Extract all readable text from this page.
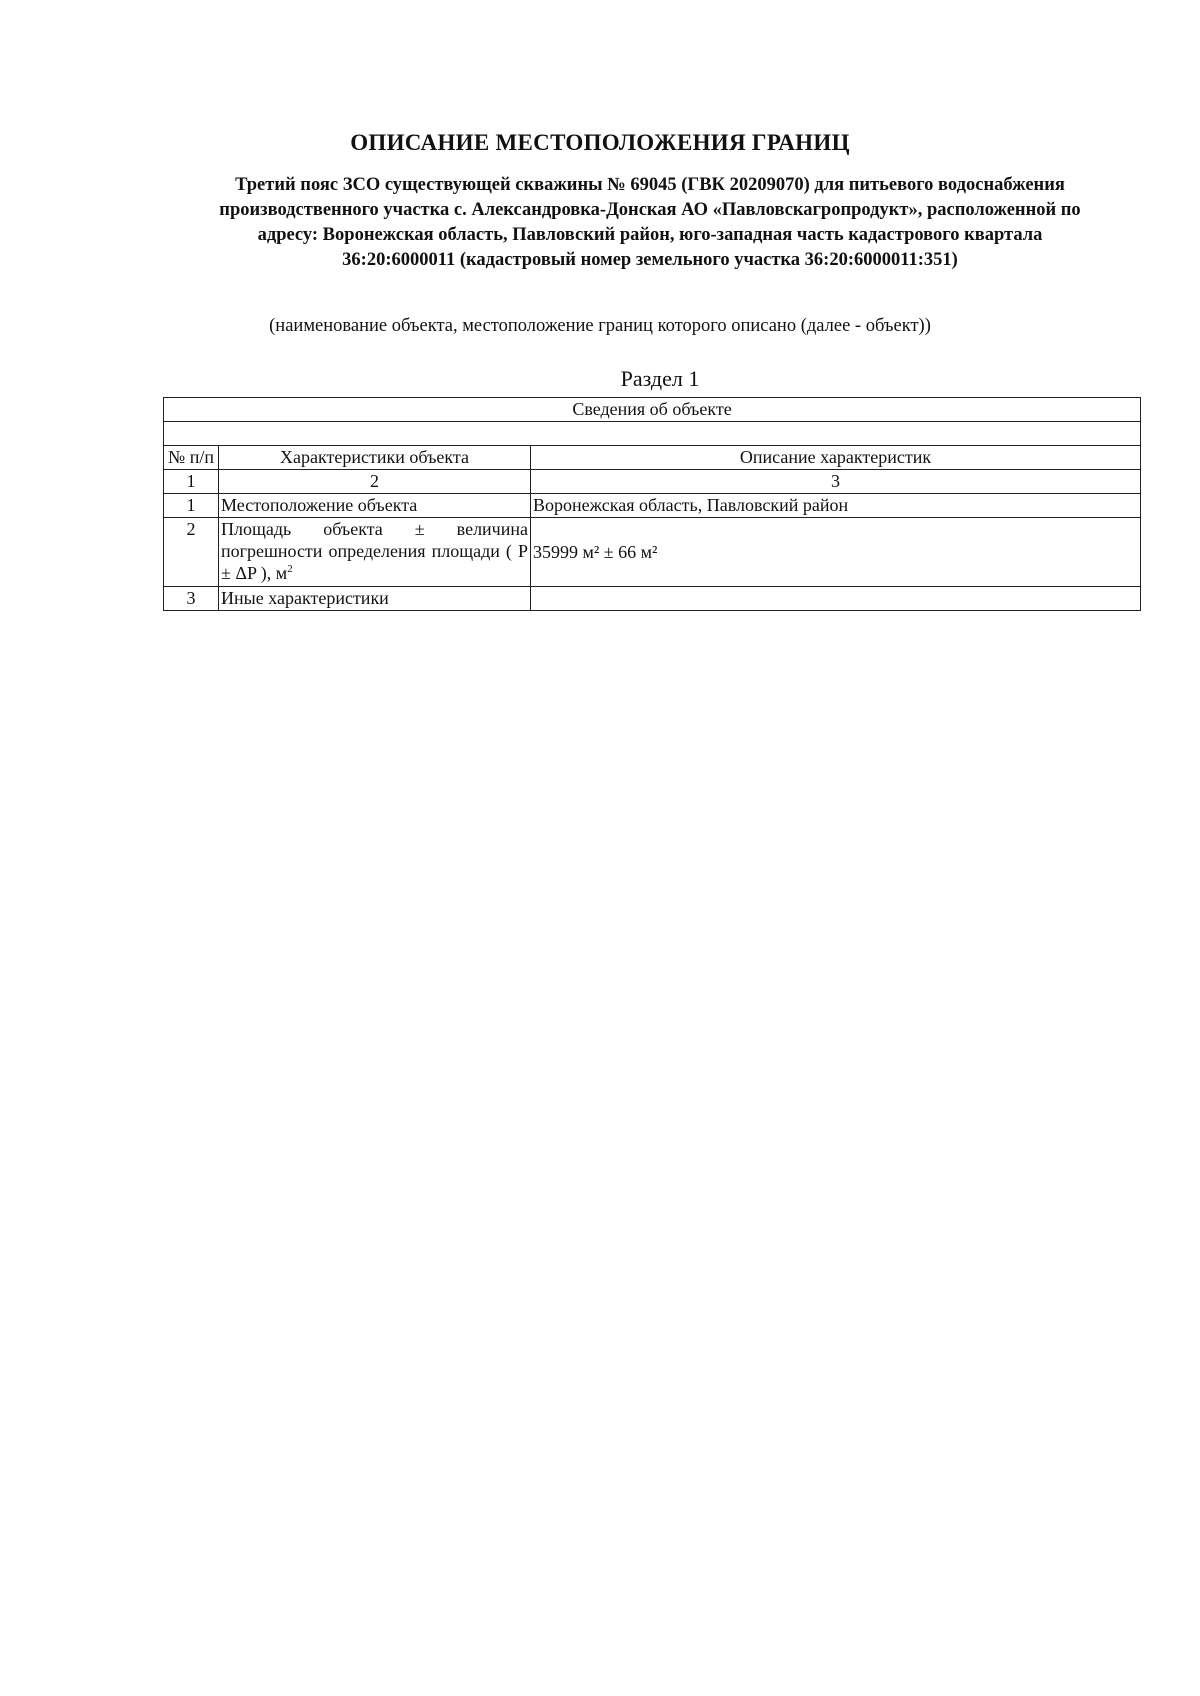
ОПИСАНИЕ МЕСТОПОЛОЖЕНИЯ ГРАНИЦ
Третий пояс ЗСО существующей скважины № 69045 (ГВК 20209070) для питьевого водоснабжения
производственного участка с. Александровка-Донская АО «Павловскагропродукт», расположенной по
адресу: Воронежская область, Павловский район, юго-западная часть кадастрового квартала
36:20:6000011 (кадастровый номер земельного участка 36:20:6000011:351)
(наименование объекта, местоположение границ которого описано (далее - объект))
Раздел 1
Сведения об объекте		

№ п/п	Характеристики объекта	Описание характеристик
1	2	3
1	Местоположение объекта	Воронежская область, Павловский район
2	Площадь объекта ± величина погрешности определения площади ( P ± ΔP ), $м^2$	35999 м² ± 66 м²
3	Иные характеристики	
